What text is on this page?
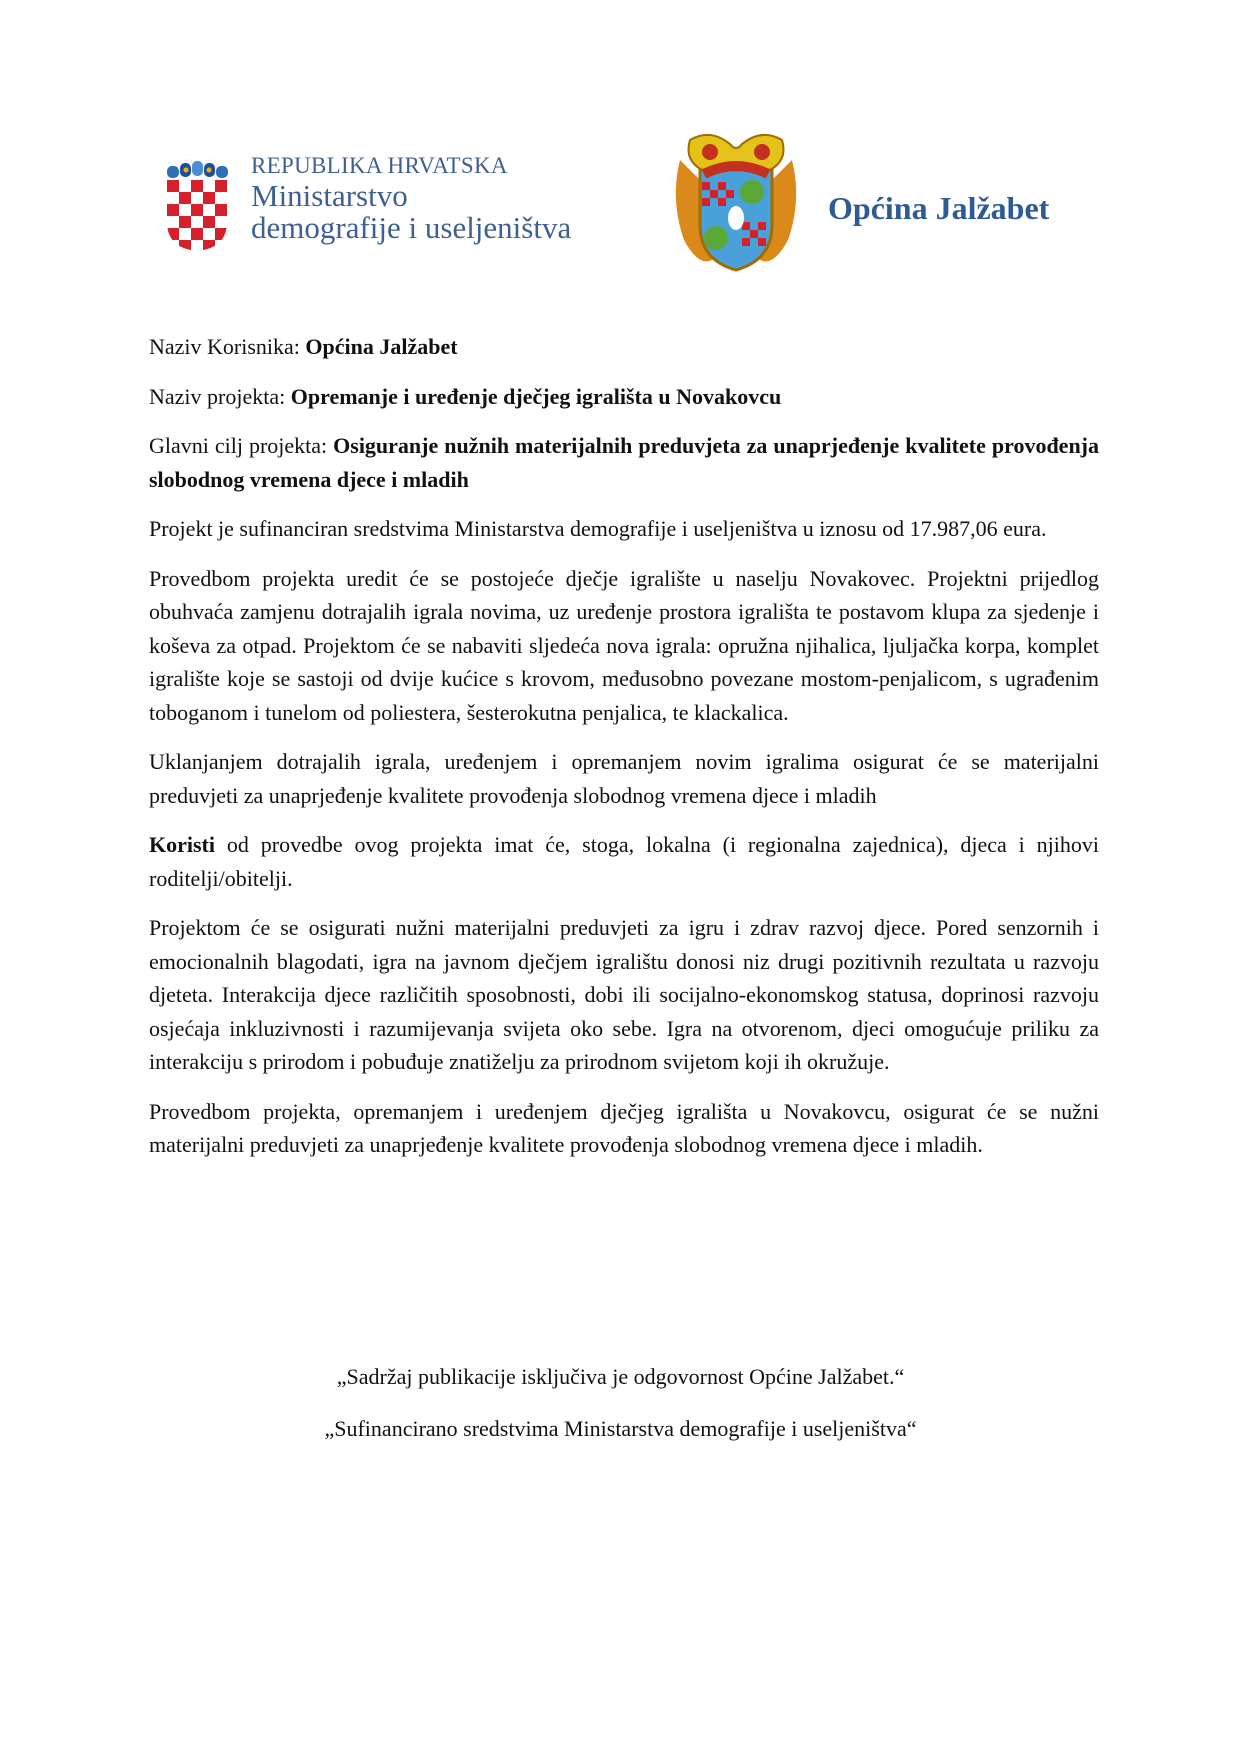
REPUBLIKA HRVATSKA
Ministarstvo
demografije i useljeništva
Općina Jalžabet

Naziv Korisnika: Općina Jalžabet

Naziv projekta: Opremanje i uređenje dječjeg igrališta u Novakovcu

Glavni cilj projekta: Osiguranje nužnih materijalnih preduvjeta za unaprjeđenje kvalitete provođenja slobodnog vremena djece i mladih

Projekt je sufinanciran sredstvima Ministarstva demografije i useljeništva u iznosu od 17.987,06 eura.

Provedbom projekta uredit će se postojeće dječje igralište u naselju Novakovec. Projektni prijedlog obuhvaća zamjenu dotrajalih igrala novima, uz uređenje prostora igrališta te postavom klupa za sjedenje i koševa za otpad. Projektom će se nabaviti sljedeća nova igrala: opružna njihalica, ljuljačka korpa, komplet igralište koje se sastoji od dvije kućice s krovom, međusobno povezane mostom-penjalicom, s ugrađenim toboganom i tunelom od poliestera, šesterokutna penjalica, te klackalica.

Uklanjanjem dotrajalih igrala, uređenjem i opremanjem novim igralima osigurat će se materijalni preduvjeti za unaprjeđenje kvalitete provođenja slobodnog vremena djece i mladih

Koristi od provedbe ovog projekta imat će, stoga, lokalna (i regionalna zajednica), djeca i njihovi roditelji/obitelji.

Projektom će se osigurati nužni materijalni preduvjeti za igru i zdrav razvoj djece. Pored senzornih i emocionalnih blagodati, igra na javnom dječjem igralištu donosi niz drugi pozitivnih rezultata u razvoju djeteta. Interakcija djece različitih sposobnosti, dobi ili socijalno-ekonomskog statusa, doprinosi razvoju osjećaja inkluzivnosti i razumijevanja svijeta oko sebe. Igra na otvorenom, djeci omogućuje priliku za interakciju s prirodom i pobuđuje znatiželju za prirodnom svijetom koji ih okružuje.

Provedbom projekta, opremanjem i uređenjem dječjeg igrališta u Novakovcu, osigurat će se nužni materijalni preduvjeti za unaprjeđenje kvalitete provođenja slobodnog vremena djece i mladih.

„Sadržaj publikacije isključiva je odgovornost Općine Jalžabet.“
„Sufinancirano sredstvima Ministarstva demografije i useljeništva“
